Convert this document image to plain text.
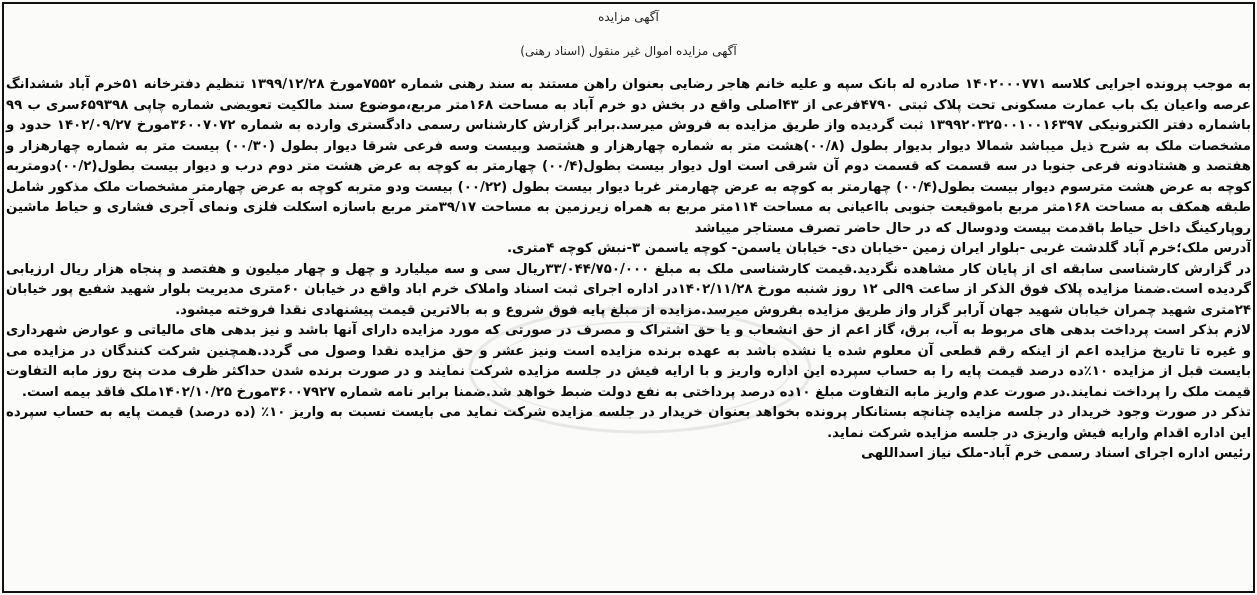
آگهی مزایده
آگهی مزایده اموال غیر منقول (اسناد رهنی)

به موجب پرونده اجرایی کلاسه ۱۴۰۲۰۰۰۷۷۱ صادره له بانک سپه و علیه خانم هاجر رضایی بعنوان راهن مستند به سند رهنی شماره ۷۵۵۲مورخ ۱۳۹۹/۱۲/۲۸ تنظیم دفترخانه ۵۱خرم آباد ششدانگ عرصه واعیان یک باب عمارت مسکونی تحت پلاک ثبتی ۴۷۹۰فرعی از ۴۳اصلی واقع در بخش دو خرم آباد به مساحت ۱۶۸متر مربع،موضوع سند مالکیت تعویضی شماره چاپی ۶۵۹۳۹۸سری ب ۹۹ باشماره دفتر الکترونیکی ۱۳۹۹۲۰۳۲۵۰۰۱۰۰۱۶۳۹۷ ثبت گردیده واز طریق مزایده به فروش میرسد.برابر گزارش کارشناس رسمی دادگستری وارده به شماره ۳۶۰۰۷۰۷۲مورخ ۱۴۰۲/۰۹/۲۷ حدود و مشخصات ملک به شرح ذیل میباشد شمالا دیوار بدیوار بطول (۰۰/۸)هشت متر به شماره چهارهزار و هشتصد وبیست وسه فرعی شرقا دیوار بطول (۰۰/۳۰) بیست متر به شماره چهارهزار و هفتصد و هشتادونه فرعی جنوبا در سه قسمت که قسمت دوم آن شرقی است اول دیوار بیست بطول(۰۰/۴) چهارمتر به کوچه به عرض هشت متر دوم درب و دیوار بیست بطول(۰۰/۲)دومتربه کوچه به عرض هشت مترسوم دیوار بیست بطول(۰۰/۴) چهارمتر به کوچه به عرض چهارمتر غربا دیوار بیست بطول (۰۰/۲۲) بیست ودو متربه کوچه به عرض چهارمتر مشخصات ملک مذکور شامل طبقه همکف به مساحت ۱۶۸متر مربع باموقیعت جنوبی بااعیانی به مساحت ۱۱۴متر مربع به همراه زیرزمین به مساحت ۳۹/۱۷متر مربع باسازه اسکلت فلزی ونمای آجری فشاری و حیاط ماشین روپارکینگ داخل حیاط باقدمت بیست ودوسال که در حال حاضر تصرف مستاجر میباشد

آدرس ملک؛خرم آباد گلدشت غربی -بلوار ایران زمین -خیابان دی- خیابان یاسمن- کوچه یاسمن ۳-نبش کوچه ۴متری.

در گزارش کارشناسی سابقه ای از پایان کار مشاهده نگردید.قیمت کارشناسی ملک به مبلغ ۳۳/۰۴۴/۷۵۰/۰۰۰ریال سی و سه میلیارد و چهل و چهار میلیون و هفتصد و پنجاه هزار ریال ارزیابی گردیده است.ضمنا مزایده پلاک فوق الذکر از ساعت ۹الی ۱۲ روز شنبه مورخ ۱۴۰۲/۱۱/۲۸در اداره اجرای ثبت اسناد واملاک خرم اباد واقع در خیابان ۶۰متری مدیریت بلوار شهید شفیع پور خیابان ۲۴متری شهید چمران خیابان شهید جهان آرابر گزار واز طریق مزایده بفروش میرسد.مزایده از مبلغ پایه فوق شروع و به بالاترین قیمت پیشنهادی نقدا فروخته میشود.

لازم بذکر است پرداخت بدهی های مربوط به آب، برق، گاز اعم از حق انشعاب و یا حق اشتراک و مصرف در صورتی که مورد مزایده دارای آنها باشد و نیز بدهی های مالیاتی و عوارض شهرداری و غیره تا تاریخ مزایده اعم از اینکه رقم قطعی آن معلوم شده یا نشده باشد به عهده برنده مزایده است ونیز عشر و حق مزایده نقدا وصول می گردد.همچنین شرکت کنندگان در مزایده می بایست قبل از مزایده ۱۰٪ده درصد قیمت پایه را به حساب سپرده این اداره واریز و با ارایه فیش در جلسه مزایده شرکت نمایند و در صورت برنده شدن حداکثر ظرف مدت پنج روز مابه التفاوت قیمت ملک را پرداخت نمایند.در صورت عدم واریز مابه التفاوت مبلغ ۱۰ده درصد پرداختی به نفع دولت ضبط خواهد شد.ضمنا برابر نامه شماره ۳۶۰۰۷۹۲۷مورخ ۱۴۰۲/۱۰/۲۵ملک فاقد بیمه است.

تذکر در صورت وجود خریدار در جلسه مزایده چنانچه بستانکار پرونده بخواهد بعنوان خریدار در جلسه مزایده شرکت نماید می بایست نسبت به واریز ۱۰٪ (ده درصد) قیمت پایه به حساب سپرده این اداره اقدام وارایه فیش واریزی در جلسه مزایده شرکت نماید.

رئیس اداره اجرای اسناد رسمی خرم آباد-ملک نیاز اسداللهی
